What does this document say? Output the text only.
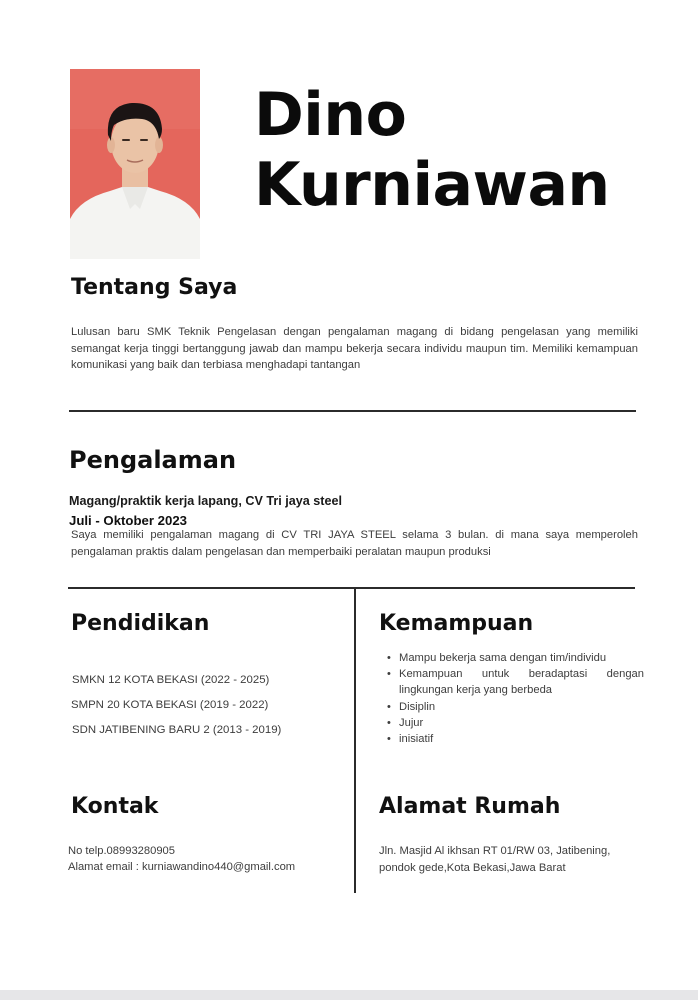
Dino
Kurniawan
Tentang Saya
Lulusan baru SMK Teknik Pengelasan dengan pengalaman magang di bidang pengelasan yang memiliki semangat kerja tinggi bertanggung jawab dan mampu bekerja secara individu maupun tim. Memiliki kemampuan komunikasi yang baik dan terbiasa menghadapi tantangan
Pengalaman
Magang/praktik kerja lapang, CV Tri jaya steel
Juli - Oktober 2023
Saya memiliki pengalaman magang di CV TRI JAYA STEEL selama 3 bulan. di mana saya memperoleh pengalaman praktis dalam pengelasan dan memperbaiki peralatan maupun produksi
Pendidikan
SMKN 12 KOTA BEKASI (2022 - 2025)
SMPN 20 KOTA BEKASI (2019 - 2022)
SDN JATIBENING BARU 2 (2013 - 2019)
Kemampuan
• Mampu bekerja sama dengan tim/individu
• Kemampuan untuk beradaptasi dengan lingkungan kerja yang berbeda
• Disiplin
• Jujur
• inisiatif
Kontak
No telp.08993280905
Alamat email : kurniawandino440@gmail.com
Alamat Rumah
Jln. Masjid Al ikhsan RT 01/RW 03, Jatibening, pondok gede,Kota Bekasi,Jawa Barat
